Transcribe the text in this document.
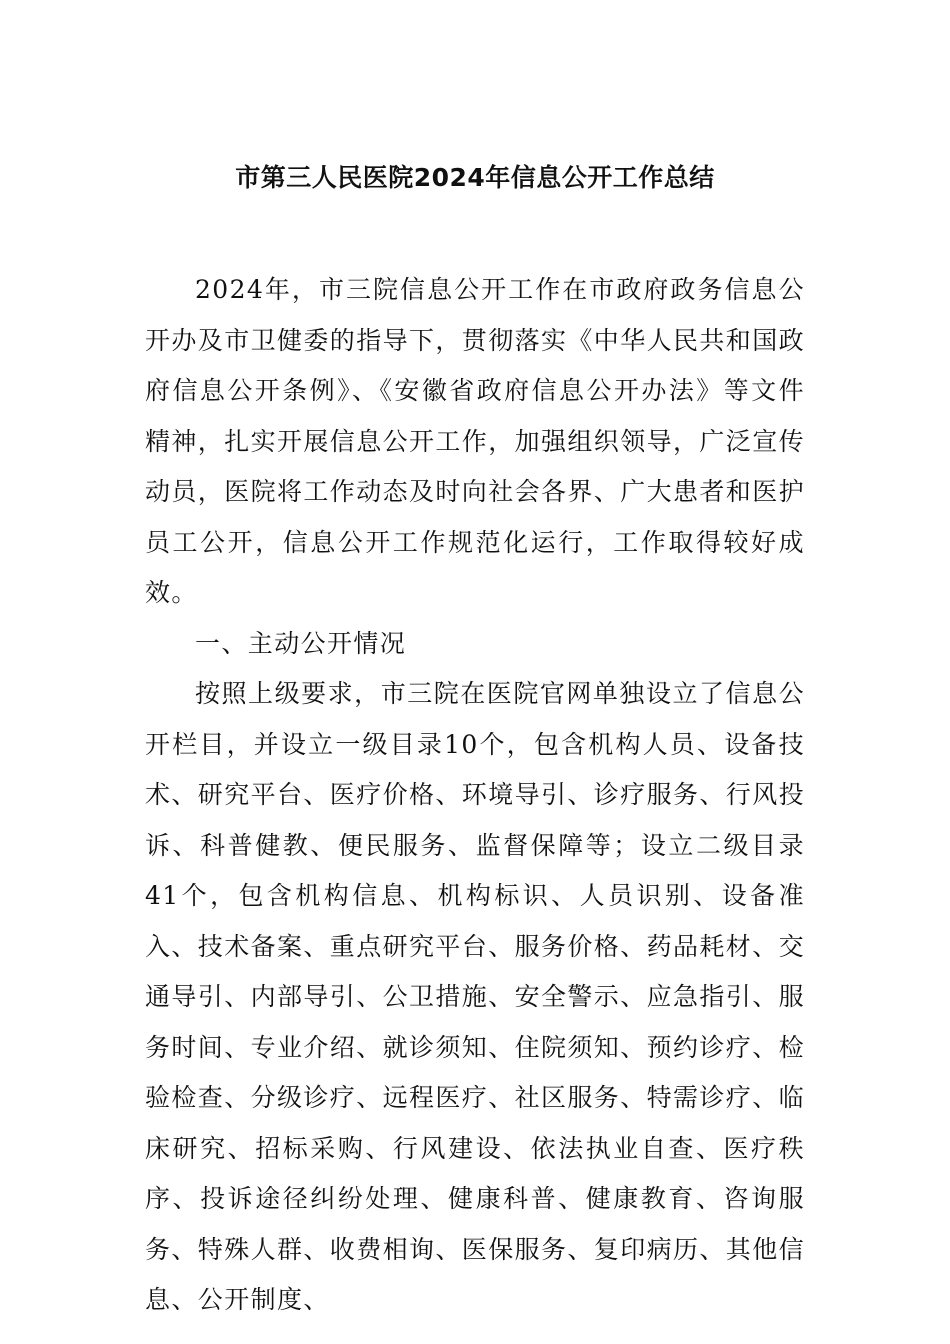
市第三人民医院2024年信息公开工作总结

2024年，市三院信息公开工作在市政府政务信息公开办及市卫健委的指导下，贯彻落实《中华人民共和国政府信息公开条例》、《安徽省政府信息公开办法》等文件精神，扎实开展信息公开工作，加强组织领导，广泛宣传动员，医院将工作动态及时向社会各界、广大患者和医护员工公开，信息公开工作规范化运行，工作取得较好成效。

一、主动公开情况

按照上级要求，市三院在医院官网单独设立了信息公开栏目，并设立一级目录10个，包含机构人员、设备技术、研究平台、医疗价格、环境导引、诊疗服务、行风投诉、科普健教、便民服务、监督保障等；设立二级目录41个，包含机构信息、机构标识、人员识别、设备准入、技术备案、重点研究平台、服务价格、药品耗材、交通导引、内部导引、公卫措施、安全警示、应急指引、服务时间、专业介绍、就诊须知、住院须知、预约诊疗、检验检查、分级诊疗、远程医疗、社区服务、特需诊疗、临床研究、招标采购、行风建设、依法执业自查、医疗秩序、投诉途径纠纷处理、健康科普、健康教育、咨询服务、特殊人群、收费相询、医保服务、复印病历、其他信息、公开制度、
